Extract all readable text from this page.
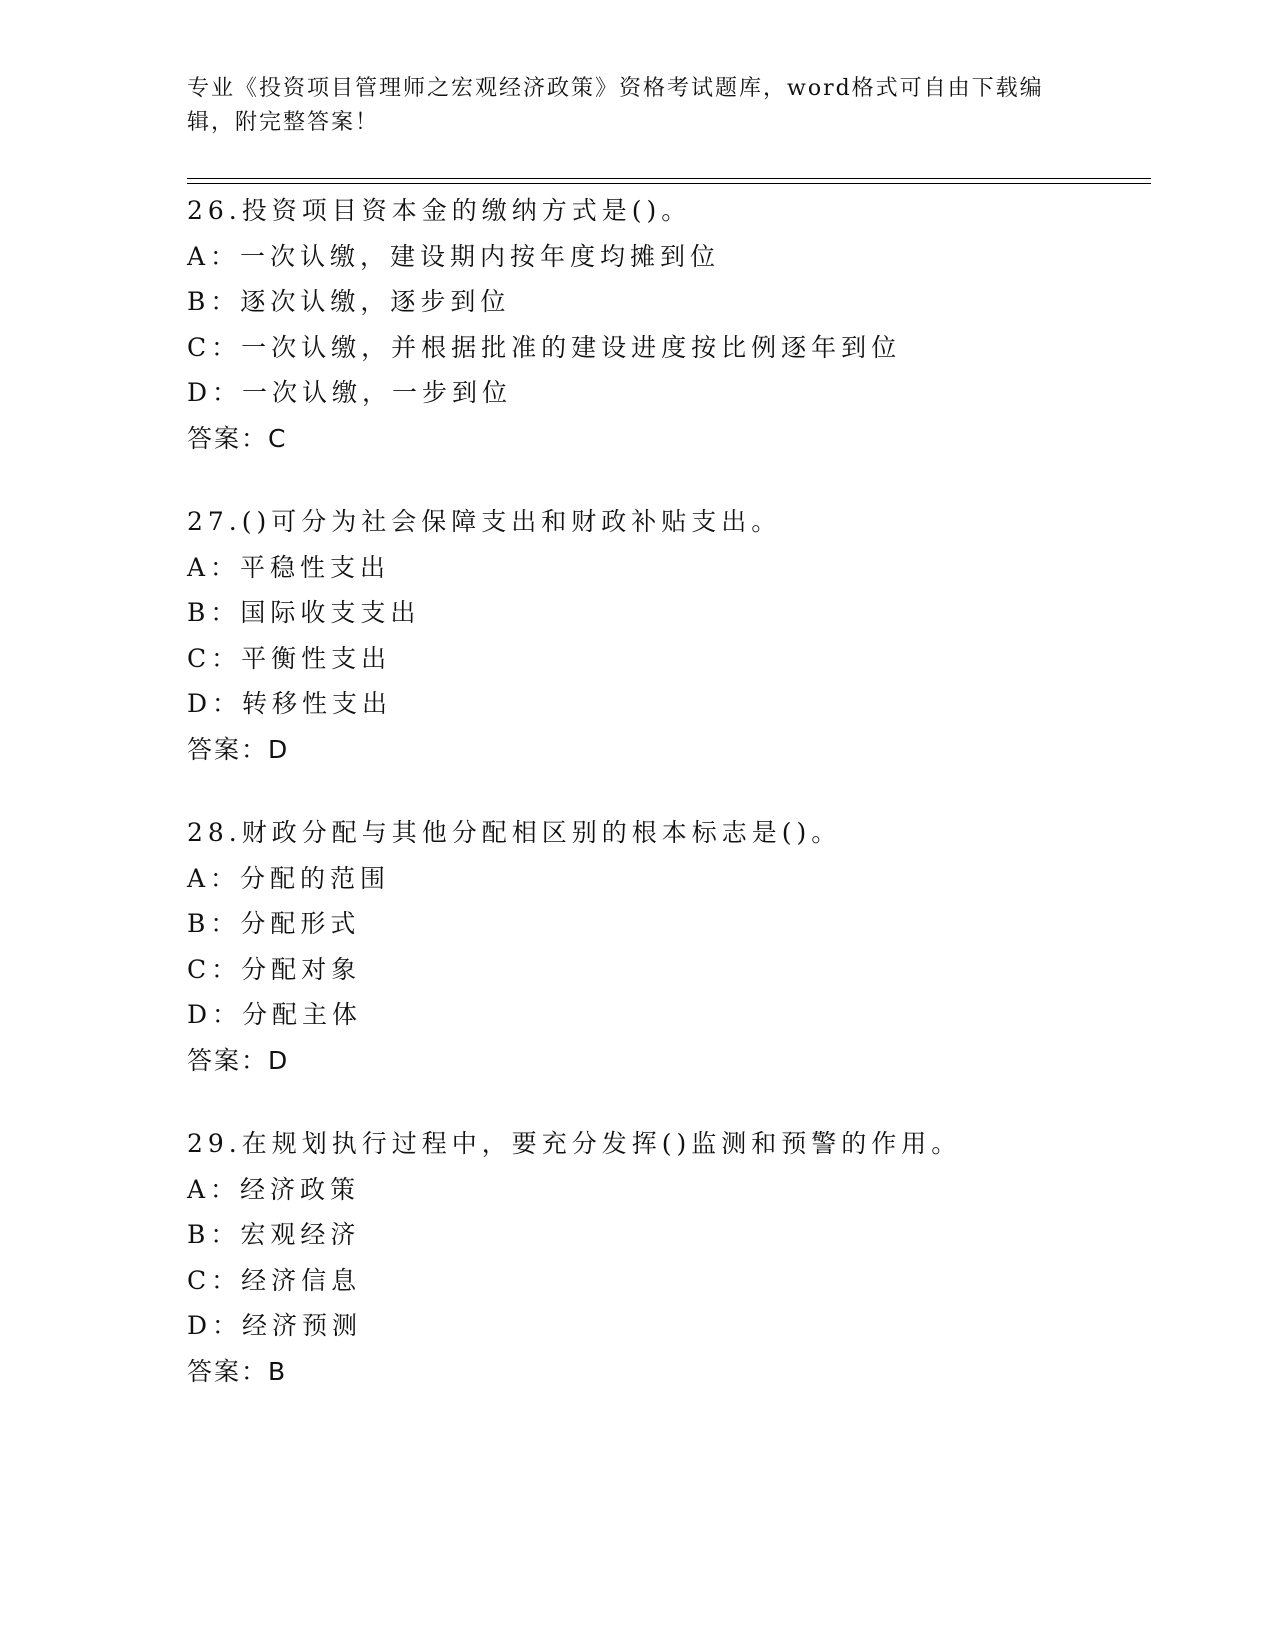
专业《投资项目管理师之宏观经济政策》资格考试题库，word格式可自由下载编辑，附完整答案！
26.投资项目资本金的缴纳方式是()。
A：一次认缴，建设期内按年度均摊到位
B：逐次认缴，逐步到位
C：一次认缴，并根据批准的建设进度按比例逐年到位
D：一次认缴，一步到位
答案：C
27.()可分为社会保障支出和财政补贴支出。
A：平稳性支出
B：国际收支支出
C：平衡性支出
D：转移性支出
答案：D
28.财政分配与其他分配相区别的根本标志是()。
A：分配的范围
B：分配形式
C：分配对象
D：分配主体
答案：D
29.在规划执行过程中，要充分发挥()监测和预警的作用。
A：经济政策
B：宏观经济
C：经济信息
D：经济预测
答案：B
